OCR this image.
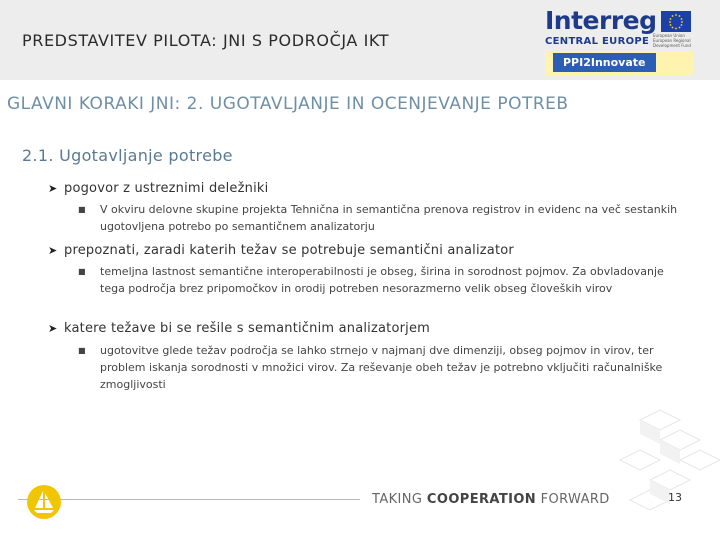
PREDSTAVITEV PILOTA: JNI S PODROČJA IKT
Interreg
European Union European Regional Development Fund
CENTRAL EUROPE
PPI2Innovate
GLAVNI KORAKI JNI: 2. UGOTAVLJANJE IN OCENJEVANJE POTREB
2.1. Ugotavljanje potrebe
➤ pogovor z ustreznimi deležniki
■ V okviru delovne skupine projekta Tehnična in semantična prenova registrov in evidenc na več sestankih ugotovljena potrebo po semantičnem analizatorju
➤ prepoznati, zaradi katerih težav se potrebuje semantični analizator
■ temeljna lastnost semantične interoperabilnosti je obseg, širina in sorodnost pojmov. Za obvladovanje tega področja brez pripomočkov in orodij potreben nesorazmerno velik obseg človeških virov
➤ katere težave bi se rešile s semantičnim analizatorjem
■ ugotovitve glede težav področja se lahko strnejo v najmanj dve dimenziji, obseg pojmov in virov, ter problem iskanja sorodnosti v množici virov. Za reševanje obeh težav je potrebno vključiti računalniške zmogljivosti
TAKING COOPERATION FORWARD	13
